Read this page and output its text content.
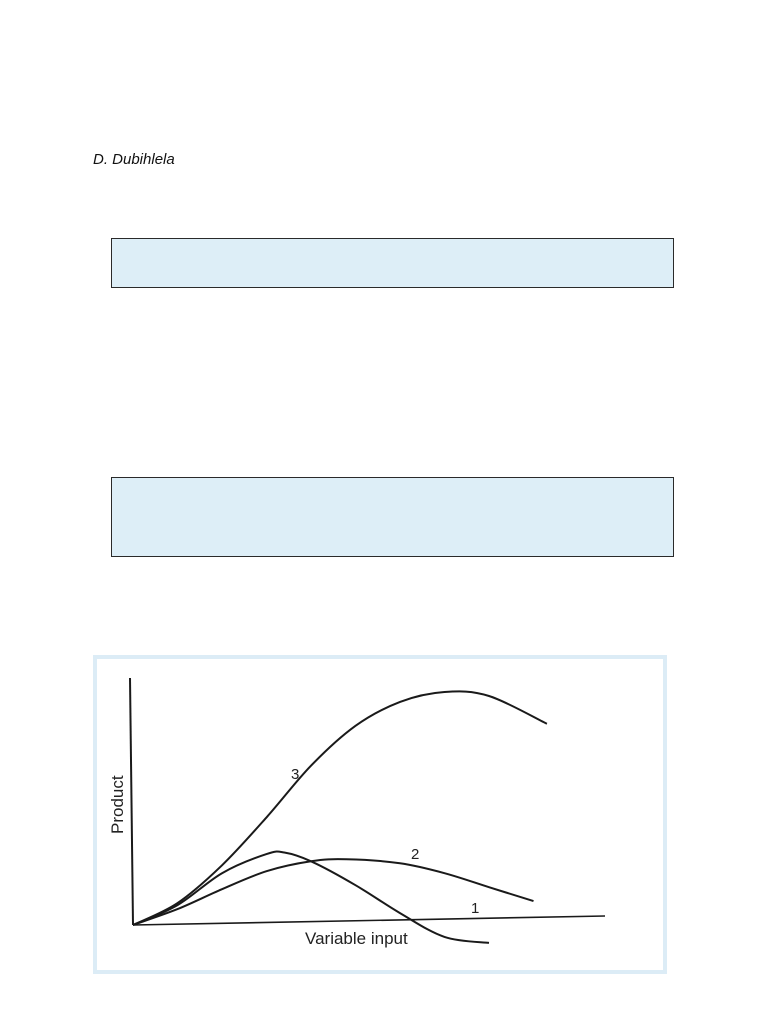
D. Dubihlela
3
2
1
Product
Variable input
